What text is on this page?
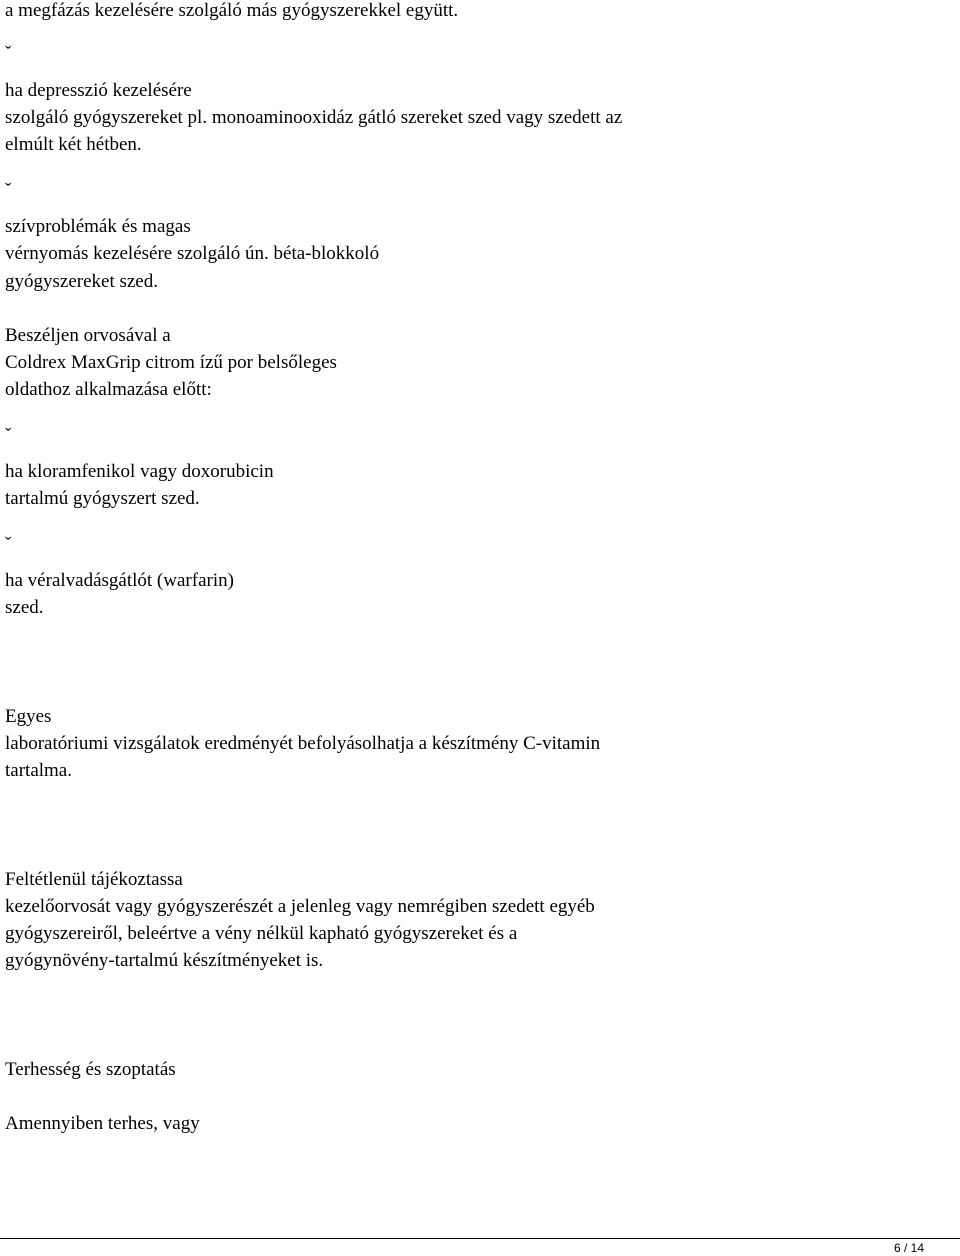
a megfázás kezelésére szolgáló más gyógyszerekkel együtt.
ˇ
ha depresszió kezelésére
szolgáló gyógyszereket pl. monoaminooxidáz gátló szereket szed vagy szedett az
elmúlt két hétben.
ˇ
szívproblémák és magas
vérnyomás kezelésére szolgáló ún. béta-blokkoló
gyógyszereket szed.
Beszéljen orvosával a
Coldrex MaxGrip citrom ízű por belsőleges
oldathoz alkalmazása előtt:
ˇ
ha kloramfenikol vagy doxorubicin
tartalmú gyógyszert szed.
ˇ
ha véralvadásgátlót (warfarin)
szed.
Egyes
laboratóriumi vizsgálatok eredményét befolyásolhatja a készítmény C-vitamin
tartalma.
Feltétlenül tájékoztassa
kezelőorvosát vagy gyógyszerészét a jelenleg vagy nemrégiben szedett egyéb
gyógyszereiről, beleértve a vény nélkül kapható gyógyszereket és a
gyógynövény-tartalmú készítményeket is.
Terhesség és szoptatás
Amennyiben terhes, vagy
6 / 14
